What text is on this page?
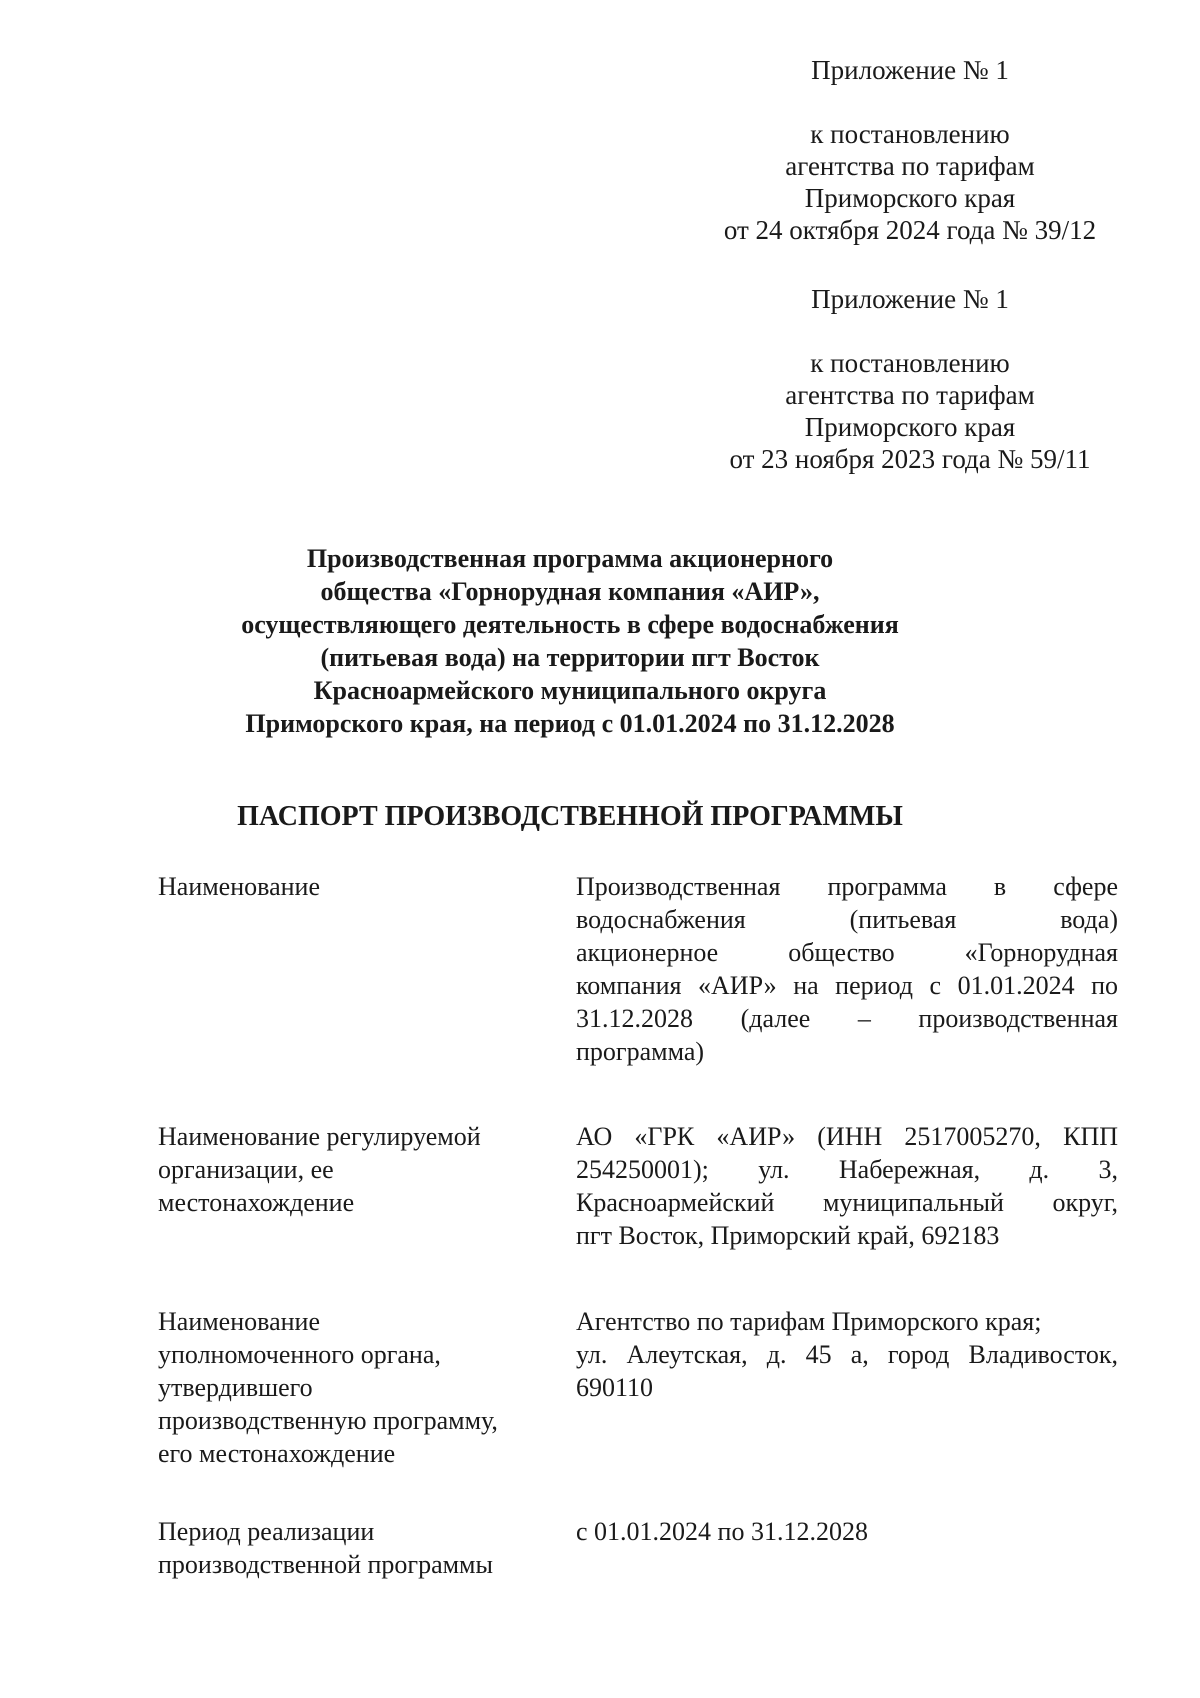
Приложение № 1
к постановлению
агентства по тарифам
Приморского края
от 24 октября 2024 года № 39/12
Приложение № 1
к постановлению
агентства по тарифам
Приморского края
от 23 ноября 2023 года № 59/11
Производственная программа акционерного
общества «Горнорудная компания «АИР»,
осуществляющего деятельность в сфере водоснабжения
(питьевая вода) на территории пгт Восток
Красноармейского муниципального округа
Приморского края, на период с 01.01.2024 по 31.12.2028
ПАСПОРТ ПРОИЗВОДСТВЕННОЙ ПРОГРАММЫ
Наименование	Производственная программа в сфере
водоснабжения (питьевая вода)
акционерное общество «Горнорудная
компания «АИР» на период с 01.01.2024 по
31.12.2028 (далее – производственная
программа)
Наименование регулируемой
организации, ее
местонахождение
АО «ГРК «АИР» (ИНН 2517005270, КПП
254250001); ул. Набережная, д. 3,
Красноармейский муниципальный округ,
пгт Восток, Приморский край, 692183
Наименование
уполномоченного органа,
утвердившего
производственную программу,
его местонахождение
Агентство по тарифам Приморского края;
ул. Алеутская, д. 45 а, город Владивосток,
690110
Период реализации
производственной программы
с 01.01.2024 по 31.12.2028
